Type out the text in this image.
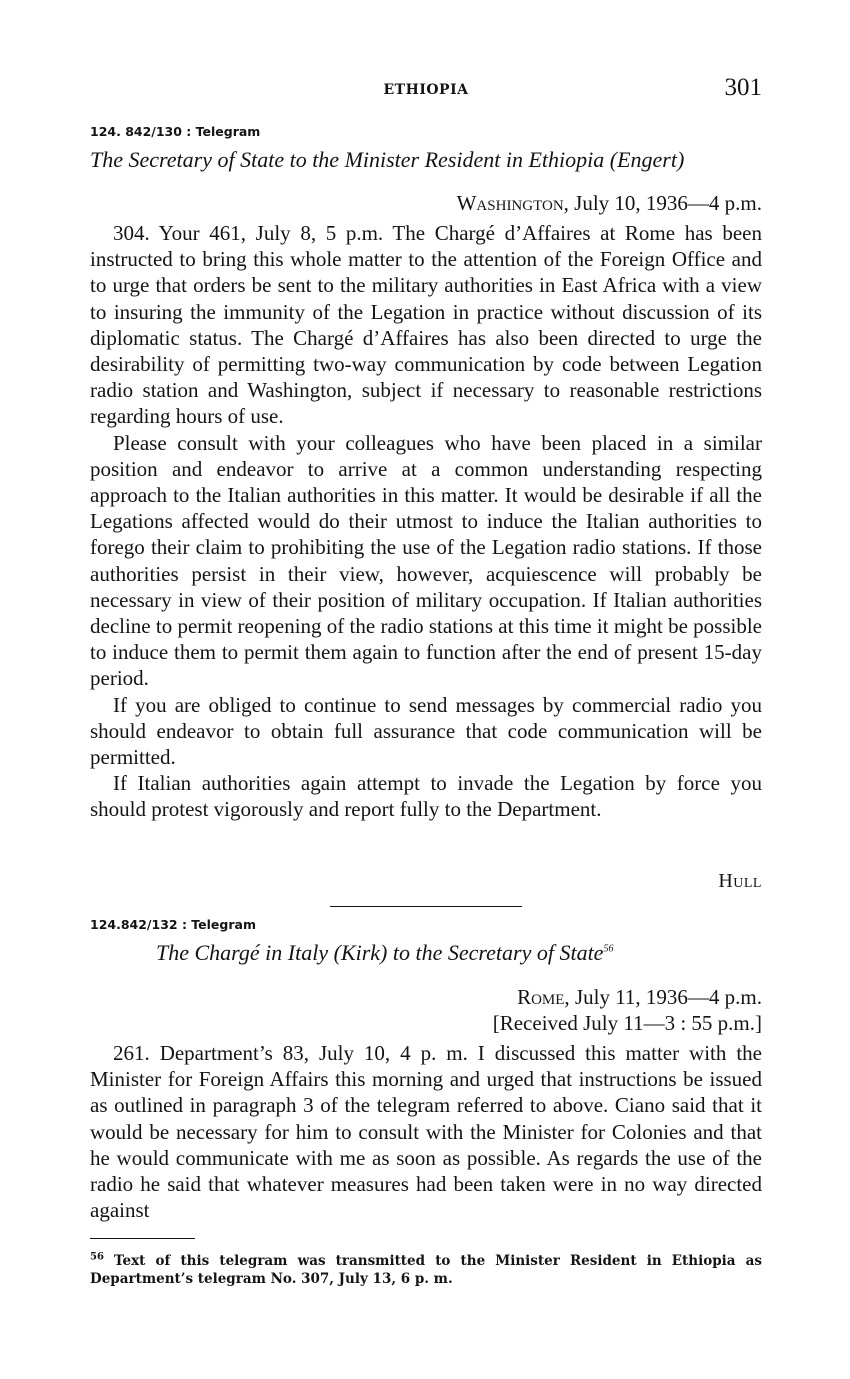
ETHIOPIA	301
124. 842/130 : Telegram
The Secretary of State to the Minister Resident in Ethiopia (Engert)
Washington, July 10, 1936—4 p.m.

304. Your 461, July 8, 5 p.m. The Chargé d’Affaires at Rome has been instructed to bring this whole matter to the attention of the Foreign Office and to urge that orders be sent to the military authorities in East Africa with a view to insuring the immunity of the Legation in practice without discussion of its diplomatic status. The Chargé d’Affaires has also been directed to urge the desirability of permitting two-way communication by code between Legation radio station and Washington, subject if necessary to reasonable restrictions regarding hours of use.

Please consult with your colleagues who have been placed in a similar position and endeavor to arrive at a common understanding respecting approach to the Italian authorities in this matter. It would be desirable if all the Legations affected would do their utmost to induce the Italian authorities to forego their claim to prohibiting the use of the Legation radio stations. If those authorities persist in their view, however, acquiescence will probably be necessary in view of their position of military occupation. If Italian authorities decline to permit reopening of the radio stations at this time it might be possible to induce them to permit them again to function after the end of present 15-day period.

If you are obliged to continue to send messages by commercial radio you should endeavor to obtain full assurance that code communication will be permitted.

If Italian authorities again attempt to invade the Legation by force you should protest vigorously and report fully to the Department.

Hull
124.842/132 : Telegram
The Chargé in Italy (Kirk) to the Secretary of State$^{56}$
Rome, July 11, 1936—4 p.m.
[Received July 11—3 : 55 p.m.]

261. Department’s 83, July 10, 4 p. m. I discussed this matter with the Minister for Foreign Affairs this morning and urged that instructions be issued as outlined in paragraph 3 of the telegram referred to above. Ciano said that it would be necessary for him to consult with the Minister for Colonies and that he would communicate with me as soon as possible. As regards the use of the radio he said that whatever measures had been taken were in no way directed against

$^{56}$ Text of this telegram was transmitted to the Minister Resident in Ethiopia as Department’s telegram No. 307, July 13, 6 p. m.
